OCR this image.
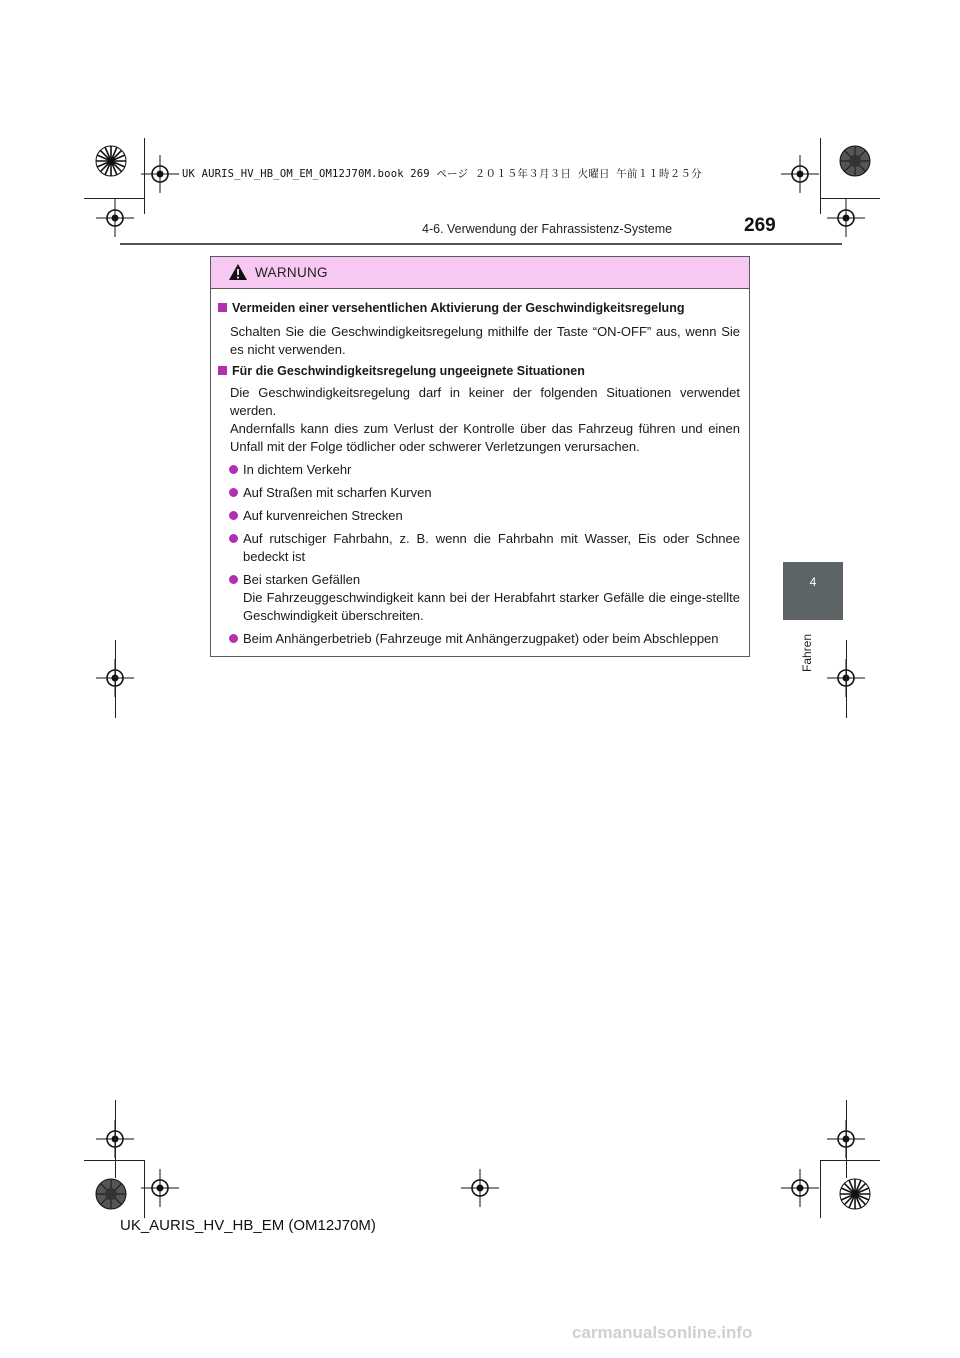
UK AURIS_HV_HB_OM_EM_OM12J70M.book 269 ページ ２０１５年３月３日 火曜日 午前１１時２５分
4-6. Verwendung der Fahrassistenz-Systeme	269
4
Fahren
WARNUNG
Vermeiden einer versehentlichen Aktivierung der Geschwindigkeitsregelung
Schalten Sie die Geschwindigkeitsregelung mithilfe der Taste “ON-OFF” aus, wenn Sie es nicht verwenden.
Für die Geschwindigkeitsregelung ungeeignete Situationen
Die Geschwindigkeitsregelung darf in keiner der folgenden Situationen verwendet werden.
Andernfalls kann dies zum Verlust der Kontrolle über das Fahrzeug führen und einen Unfall mit der Folge tödlicher oder schwerer Verletzungen verursachen.
In dichtem Verkehr
Auf Straßen mit scharfen Kurven
Auf kurvenreichen Strecken
Auf rutschiger Fahrbahn, z. B. wenn die Fahrbahn mit Wasser, Eis oder Schnee bedeckt ist
Bei starken Gefällen
Die Fahrzeuggeschwindigkeit kann bei der Herabfahrt starker Gefälle die einge-stellte Geschwindigkeit überschreiten.
Beim Anhängerbetrieb (Fahrzeuge mit Anhängerzugpaket) oder beim Abschleppen
UK_AURIS_HV_HB_EM (OM12J70M)
carmanualsonline.info
